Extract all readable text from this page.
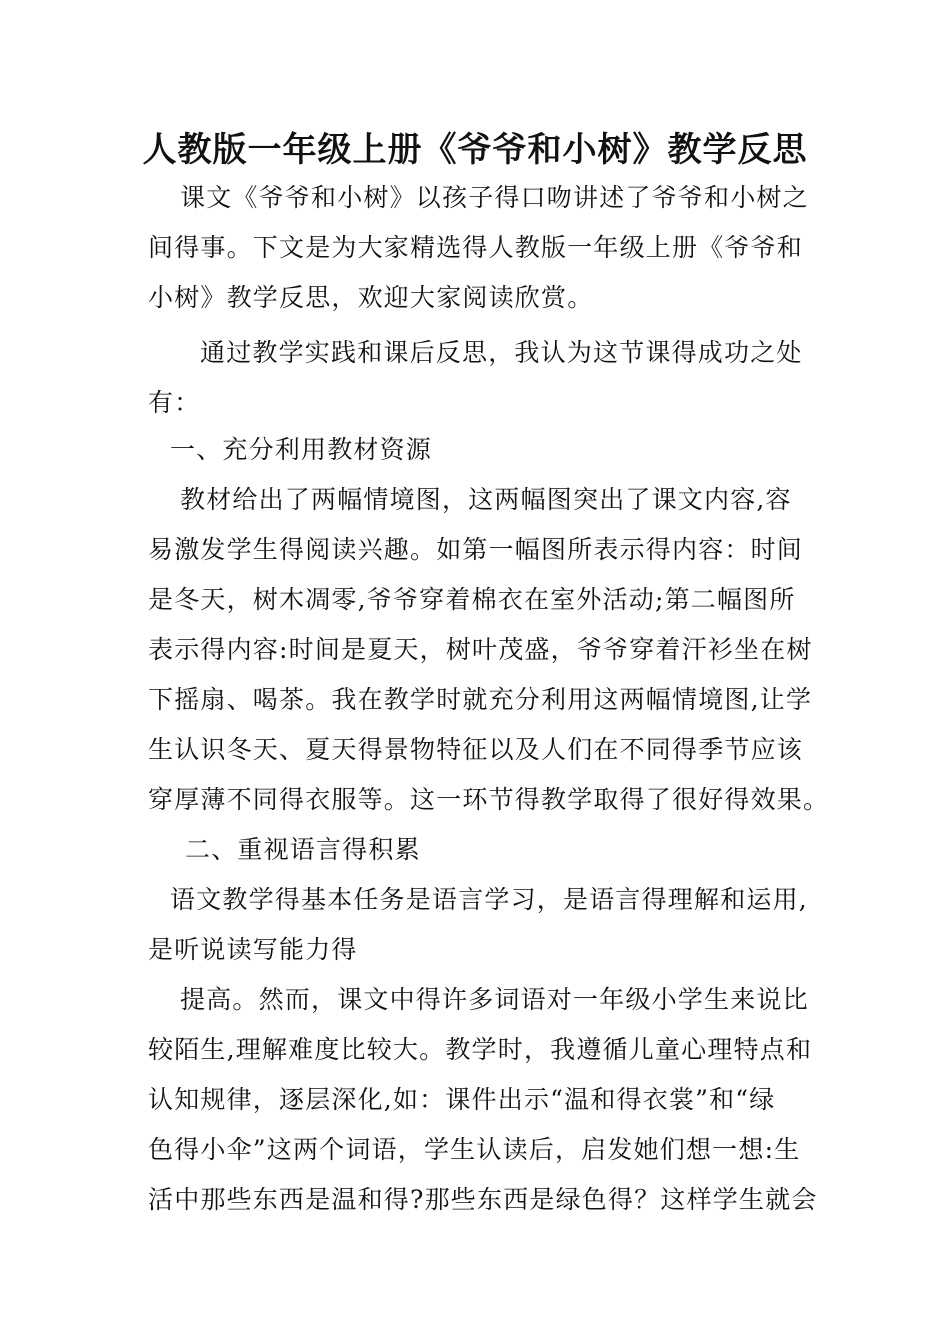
人教版一年级上册《爷爷和小树》教学反思
课文《爷爷和小树》以孩子得口吻讲述了爷爷和小树之
间得事。下文是为大家精选得人教版一年级上册《爷爷和
小树》教学反思，欢迎大家阅读欣赏。
通过教学实践和课后反思，我认为这节课得成功之处
有：
一、充分利用教材资源
教材给出了两幅情境图，这两幅图突出了课文内容,容
易激发学生得阅读兴趣。如第一幅图所表示得内容：时间
是冬天，树木凋零,爷爷穿着棉衣在室外活动;第二幅图所
表示得内容:时间是夏天，树叶茂盛，爷爷穿着汗衫坐在树
下摇扇、喝茶。我在教学时就充分利用这两幅情境图,让学
生认识冬天、夏天得景物特征以及人们在不同得季节应该
穿厚薄不同得衣服等。这一环节得教学取得了很好得效果。
二、重视语言得积累
语文教学得基本任务是语言学习，是语言得理解和运用,
是听说读写能力得
提高。然而，课文中得许多词语对一年级小学生来说比
较陌生,理解难度比较大。教学时，我遵循儿童心理特点和
认知规律，逐层深化,如：课件出示“温和得衣裳”和“绿
色得小伞”这两个词语，学生认读后，启发她们想一想:生
活中那些东西是温和得?那些东西是绿色得？这样学生就会
